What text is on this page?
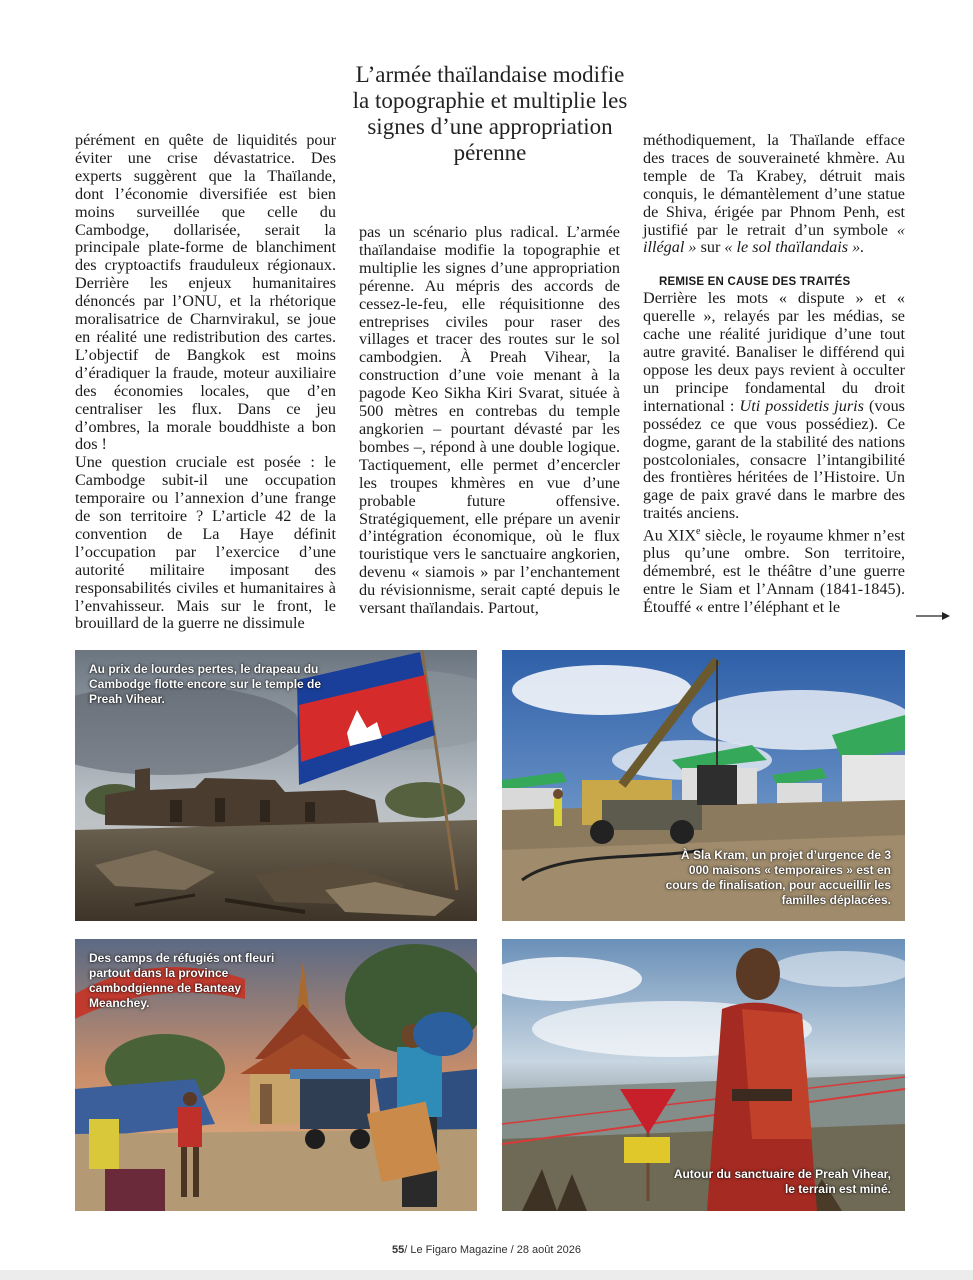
L’armée thaïlandaise modifie la topographie et multiplie les signes d’une appropriation pérenne

pérément en quête de liquidités pour éviter une crise dévastatrice. Des experts suggèrent que la Thaïlande, dont l’économie diversifiée est bien moins surveillée que celle du Cambodge, dollarisée, serait la principale plate-forme de blanchiment des cryptoactifs frauduleux régionaux. Derrière les enjeux humanitaires dénoncés par l’ONU, et la rhétorique moralisatrice de Charnvirakul, se joue en réalité une redistribution des cartes. L’objectif de Bangkok est moins d’éradiquer la fraude, moteur auxiliaire des économies locales, que d’en centraliser les flux. Dans ce jeu d’ombres, la morale bouddhiste a bon dos !

Une question cruciale est posée : le Cambodge subit-il une occupation temporaire ou l’annexion d’une frange de son territoire ? L’article 42 de la convention de La Haye définit l’occupation par l’exercice d’une autorité militaire imposant des responsabilités civiles et humanitaires à l’envahisseur. Mais sur le front, le brouillard de la guerre ne dissimule

pas un scénario plus radical. L’armée thaïlandaise modifie la topographie et multiplie les signes d’une appropriation pérenne. Au mépris des accords de cessez-le-feu, elle réquisitionne des entreprises civiles pour raser des villages et tracer des routes sur le sol cambodgien. À Preah Vihear, la construction d’une voie menant à la pagode Keo Sikha Kiri Svarat, située à 500 mètres en contrebas du temple angkorien – pourtant dévasté par les bombes –, répond à une double logique. Tactiquement, elle permet d’encercler les troupes khmères en vue d’une probable future offensive. Stratégiquement, elle prépare un avenir d’intégration économique, où le flux touristique vers le sanctuaire angkorien, devenu « siamois » par l’enchantement du révisionnisme, serait capté depuis le versant thaïlandais. Partout,

méthodiquement, la Thaïlande efface des traces de souveraineté khmère. Au temple de Ta Krabey, détruit mais conquis, le démantèlement d’une statue de Shiva, érigée par Phnom Penh, est justifié par le retrait d’un symbole « illégal » sur « le sol thaïlandais ».

REMISE EN CAUSE DES TRAITÉS

Derrière les mots « dispute » et « querelle », relayés par les médias, se cache une réalité juridique d’une tout autre gravité. Banaliser le différend qui oppose les deux pays revient à occulter un principe fondamental du droit international : Uti possidetis juris (vous possédez ce que vous possédiez). Ce dogme, garant de la stabilité des nations postcoloniales, consacre l’intangibilité des frontières héritées de l’Histoire. Un gage de paix gravé dans le marbre des traités anciens.

Au XIXe siècle, le royaume khmer n’est plus qu’une ombre. Son territoire, démembré, est le théâtre d’une guerre entre le Siam et l’Annam (1841-1845). Étouffé « entre l’éléphant et le

Au prix de lourdes pertes, le drapeau du Cambodge flotte encore sur le temple de Preah Vihear.
À Sla Kram, un projet d’urgence de 3 000 maisons « temporaires » est en cours de finalisation, pour accueillir les familles déplacées.
Des camps de réfugiés ont fleuri partout dans la province cambodgienne de Banteay Meanchey.
Autour du sanctuaire de Preah Vihear, le terrain est miné.
55/ Le Figaro Magazine / 28 août 2026
